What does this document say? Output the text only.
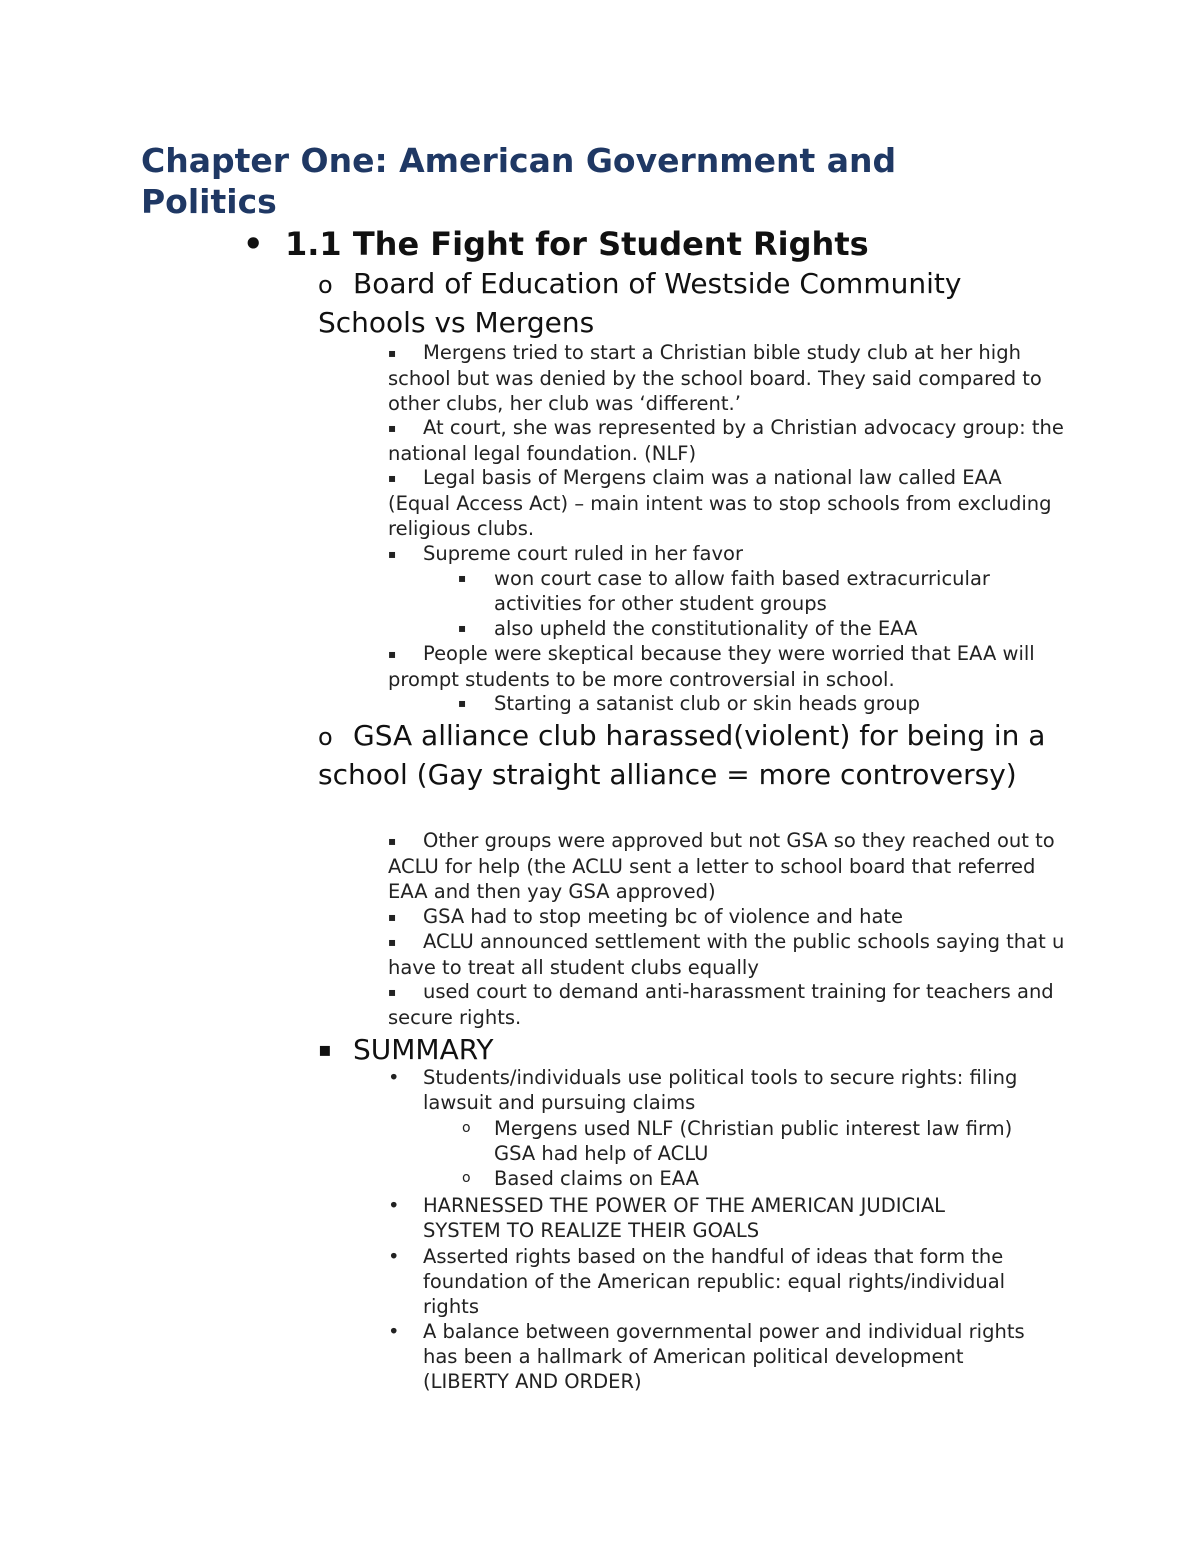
Chapter One: American Government and Politics
• 1.1 The Fight for Student Rights
o Board of Education of Westside Community Schools vs Mergens
▪ Mergens tried to start a Christian bible study club at her high school but was denied by the school board. They said compared to other clubs, her club was ‘different.’
▪ At court, she was represented by a Christian advocacy group: the national legal foundation. (NLF)
▪ Legal basis of Mergens claim was a national law called EAA (Equal Access Act) – main intent was to stop schools from excluding religious clubs.
▪ Supreme court ruled in her favor
▪ won court case to allow faith based extracurricular activities for other student groups
▪ also upheld the constitutionality of the EAA
▪ People were skeptical because they were worried that EAA will prompt students to be more controversial in school.
▪ Starting a satanist club or skin heads group
o GSA alliance club harassed(violent) for being in a school (Gay straight alliance = more controversy)
▪ Other groups were approved but not GSA so they reached out to ACLU for help (the ACLU sent a letter to school board that referred EAA and then yay GSA approved)
▪ GSA had to stop meeting bc of violence and hate
▪ ACLU announced settlement with the public schools saying that u have to treat all student clubs equally
▪ used court to demand anti-harassment training for teachers and secure rights.
▪ SUMMARY
• Students/individuals use political tools to secure rights: filing lawsuit and pursuing claims
o Mergens used NLF (Christian public interest law firm) GSA had help of ACLU
o Based claims on EAA
• HARNESSED THE POWER OF THE AMERICAN JUDICIAL SYSTEM TO REALIZE THEIR GOALS
• Asserted rights based on the handful of ideas that form the foundation of the American republic: equal rights/individual rights
• A balance between governmental power and individual rights has been a hallmark of American political development (LIBERTY AND ORDER)
